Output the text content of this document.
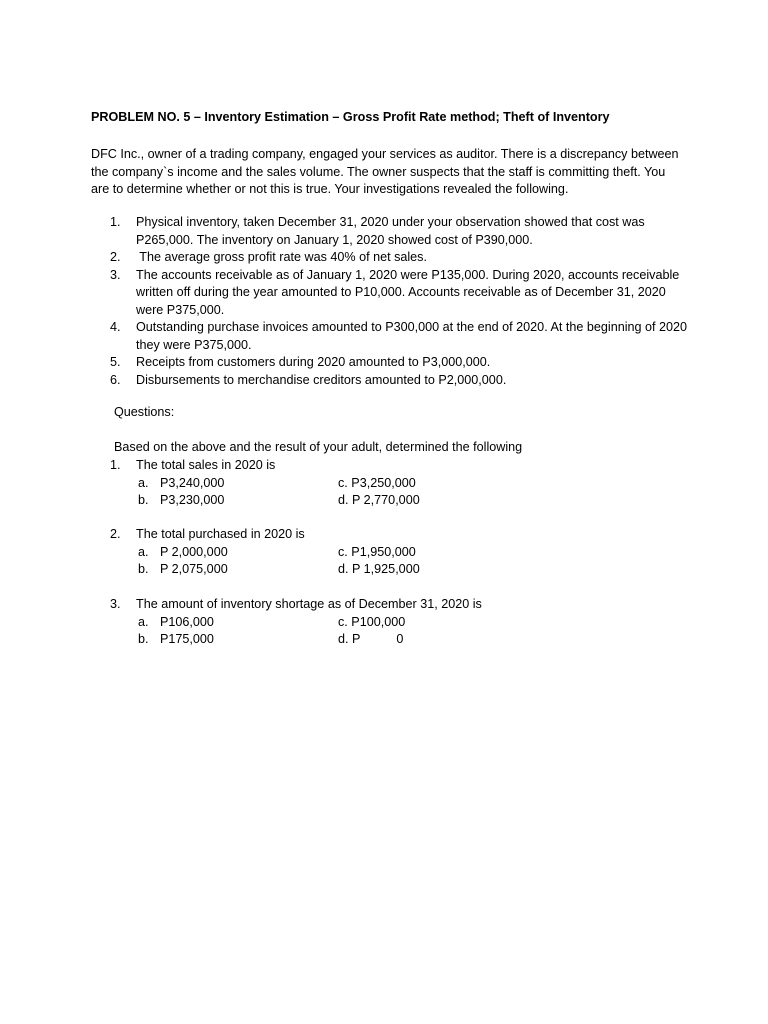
PROBLEM NO. 5 – Inventory Estimation – Gross Profit Rate method; Theft of Inventory
DFC Inc., owner of a trading company, engaged your services as auditor. There is a discrepancy between the company`s income and the sales volume. The owner suspects that the staff is committing theft. You are to determine whether or not this is true. Your investigations revealed the following.
1.	Physical inventory, taken December 31, 2020 under your observation showed that cost was P265,000. The inventory on January 1, 2020 showed cost of P390,000.
2.	The average gross profit rate was 40% of net sales.
3.	The accounts receivable as of January 1, 2020 were P135,000. During 2020, accounts receivable written off during the year amounted to P10,000. Accounts receivable as of December 31, 2020 were P375,000.
4.	Outstanding purchase invoices amounted to P300,000 at the end of 2020. At the beginning of 2020 they were P375,000.
5.	Receipts from customers during 2020 amounted to P3,000,000.
6.	Disbursements to merchandise creditors amounted to P2,000,000.
Questions:
Based on the above and the result of your adult, determined the following
1.	The total sales in 2020 is
a. P3,240,000	c. P3,250,000
b. P3,230,000	d. P 2,770,000
2.	The total purchased in 2020 is
a. P 2,000,000	c. P1,950,000
b. P 2,075,000	d. P 1,925,000
3.	The amount of inventory shortage as of December 31, 2020 is
a. P106,000	c. P100,000
b. P175,000	d. P	0
